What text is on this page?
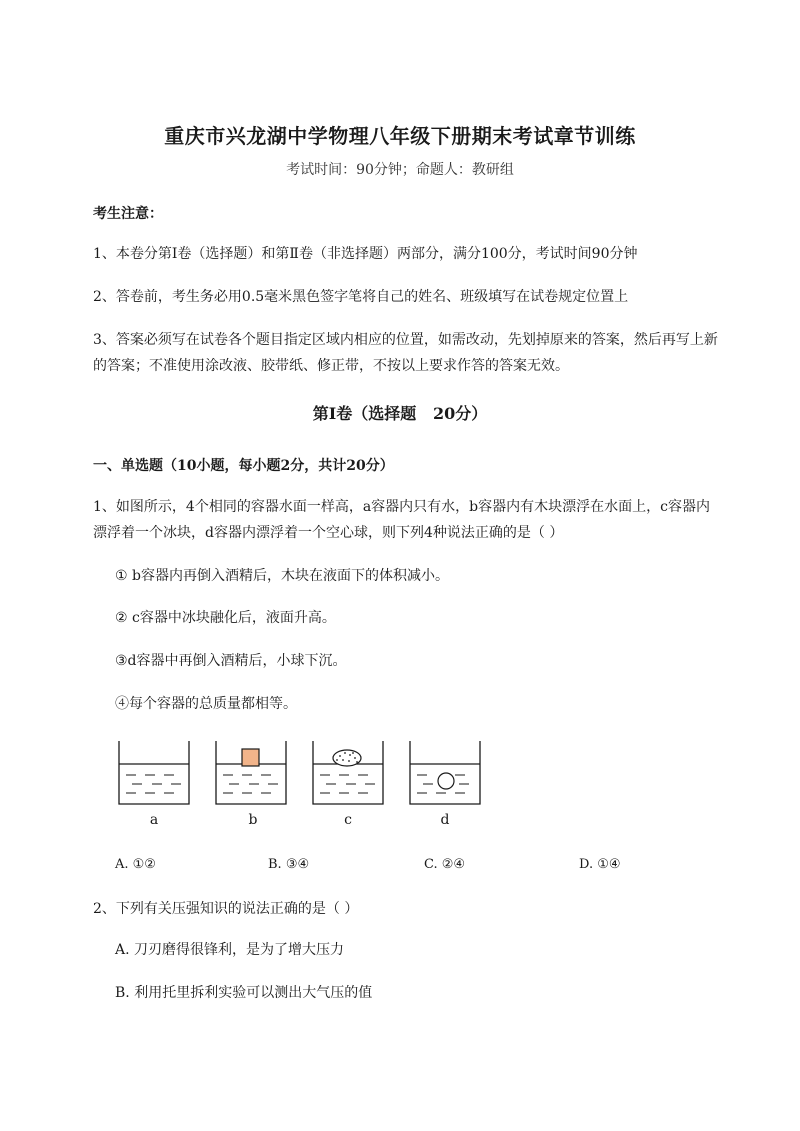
重庆市兴龙湖中学物理八年级下册期末考试章节训练
考试时间：90分钟；命题人：教研组
考生注意：
1、本卷分第I卷（选择题）和第Ⅱ卷（非选择题）两部分，满分100分，考试时间90分钟
2、答卷前，考生务必用0.5毫米黑色签字笔将自己的姓名、班级填写在试卷规定位置上
3、答案必须写在试卷各个题目指定区域内相应的位置，如需改动，先划掉原来的答案，然后再写上新
的答案；不准使用涂改液、胶带纸、修正带，不按以上要求作答的答案无效。
第I卷（选择题   20分）
一、单选题（10小题，每小题2分，共计20分）
1、如图所示，4个相同的容器水面一样高，a容器内只有水，b容器内有木块漂浮在水面上，c容器内
漂浮着一个冰块，d容器内漂浮着一个空心球，则下列4种说法正确的是（ ）
① b容器内再倒入酒精后，木块在液面下的体积减小。
② c容器中冰块融化后，液面升高。
③d容器中再倒入酒精后，小球下沉。
④每个容器的总质量都相等。
a	b	c	d
A. ①②	B. ③④	C. ②④	D. ①④
2、下列有关压强知识的说法正确的是（ ）
A. 刀刃磨得很锋利，是为了增大压力
B. 利用托里拆利实验可以测出大气压的值
